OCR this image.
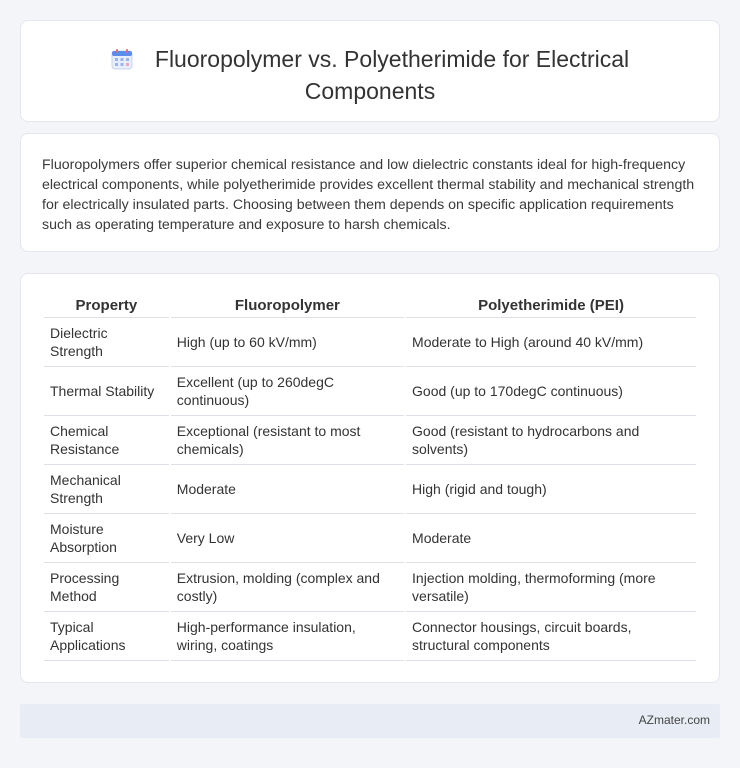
Fluoropolymer vs. Polyetherimide for Electrical Components

Fluoropolymers offer superior chemical resistance and low dielectric constants ideal for high-frequency electrical components, while polyetherimide provides excellent thermal stability and mechanical strength for electrically insulated parts. Choosing between them depends on specific application requirements such as operating temperature and exposure to harsh chemicals.

Property	Fluoropolymer	Polyetherimide (PEI)
Dielectric Strength	High (up to 60 kV/mm)	Moderate to High (around 40 kV/mm)
Thermal Stability	Excellent (up to 260degC continuous)	Good (up to 170degC continuous)
Chemical Resistance	Exceptional (resistant to most chemicals)	Good (resistant to hydrocarbons and solvents)
Mechanical Strength	Moderate	High (rigid and tough)
Moisture Absorption	Very Low	Moderate
Processing Method	Extrusion, molding (complex and costly)	Injection molding, thermoforming (more versatile)
Typical Applications	High-performance insulation, wiring, coatings	Connector housings, circuit boards, structural components
AZmater.com
